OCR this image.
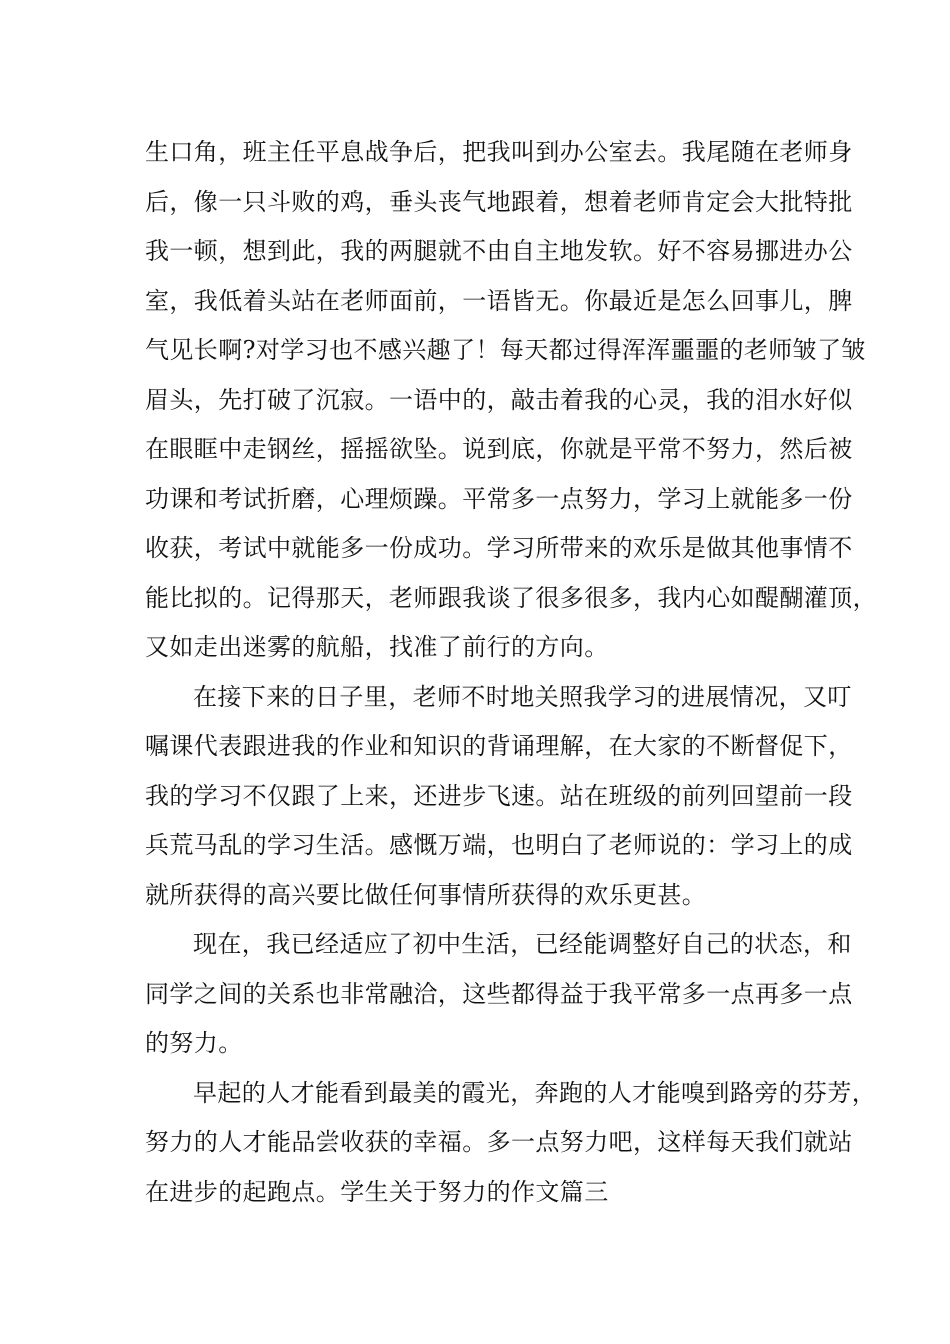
生口角，班主任平息战争后，把我叫到办公室去。我尾随在老师身
后，像一只斗败的鸡，垂头丧气地跟着，想着老师肯定会大批特批
我一顿，想到此，我的两腿就不由自主地发软。好不容易挪进办公
室，我低着头站在老师面前，一语皆无。你最近是怎么回事儿，脾
气见长啊?对学习也不感兴趣了！每天都过得浑浑噩噩的老师皱了皱
眉头，先打破了沉寂。一语中的，敲击着我的心灵，我的泪水好似
在眼眶中走钢丝，摇摇欲坠。说到底，你就是平常不努力，然后被
功课和考试折磨，心理烦躁。平常多一点努力，学习上就能多一份
收获，考试中就能多一份成功。学习所带来的欢乐是做其他事情不
能比拟的。记得那天，老师跟我谈了很多很多，我内心如醍醐灌顶，
又如走出迷雾的航船，找准了前行的方向。
在接下来的日子里，老师不时地关照我学习的进展情况，又叮
嘱课代表跟进我的作业和知识的背诵理解，在大家的不断督促下，
我的学习不仅跟了上来，还进步飞速。站在班级的前列回望前一段
兵荒马乱的学习生活。感慨万端，也明白了老师说的：学习上的成
就所获得的高兴要比做任何事情所获得的欢乐更甚。
现在，我已经适应了初中生活，已经能调整好自己的状态，和
同学之间的关系也非常融洽，这些都得益于我平常多一点再多一点
的努力。
早起的人才能看到最美的霞光，奔跑的人才能嗅到路旁的芬芳，
努力的人才能品尝收获的幸福。多一点努力吧，这样每天我们就站
在进步的起跑点。学生关于努力的作文篇三
